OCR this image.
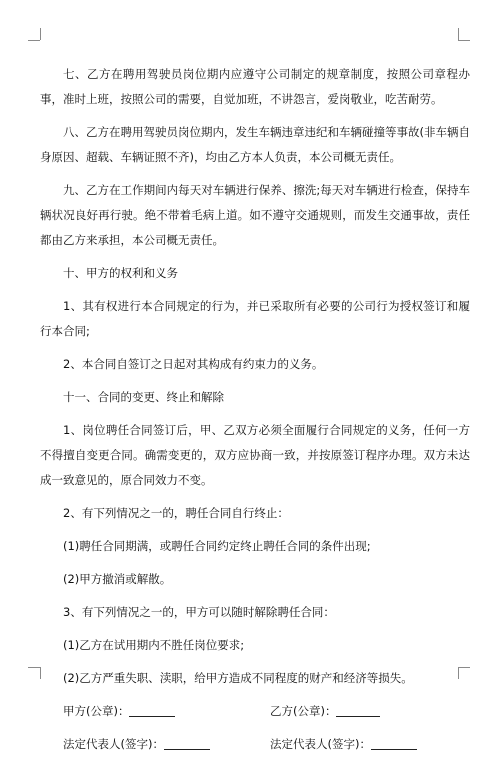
七、乙方在聘用驾驶员岗位期内应遵守公司制定的规章制度，按照公司章程办事，准时上班，按照公司的需要，自觉加班，不讲怨言，爱岗敬业，吃苦耐劳。

八、乙方在聘用驾驶员岗位期内，发生车辆违章违纪和车辆碰撞等事故(非车辆自身原因、超载、车辆证照不齐)，均由乙方本人负责，本公司概无责任。

九、乙方在工作期间内每天对车辆进行保养、擦洗;每天对车辆进行检查，保持车辆状况良好再行驶。绝不带着毛病上道。如不遵守交通规则，而发生交通事故，责任都由乙方来承担，本公司概无责任。

十、甲方的权利和义务

1、其有权进行本合同规定的行为，并已采取所有必要的公司行为授权签订和履行本合同;

2、本合同自签订之日起对其构成有约束力的义务。

十一、合同的变更、终止和解除

1、岗位聘任合同签订后，甲、乙双方必须全面履行合同规定的义务，任何一方不得擅自变更合同。确需变更的，双方应协商一致，并按原签订程序办理。双方未达成一致意见的，原合同效力不变。

2、有下列情况之一的，聘任合同自行终止：

(1)聘任合同期满，或聘任合同约定终止聘任合同的条件出现;

(2)甲方撤消或解散。

3、有下列情况之一的，甲方可以随时解除聘任合同：

(1)乙方在试用期内不胜任岗位要求;

(2)乙方严重失职、渎职，给甲方造成不同程度的财产和经济等损失。

甲方(公章)：	乙方(公章)：
法定代表人(签字)：	法定代表人(签字)：
